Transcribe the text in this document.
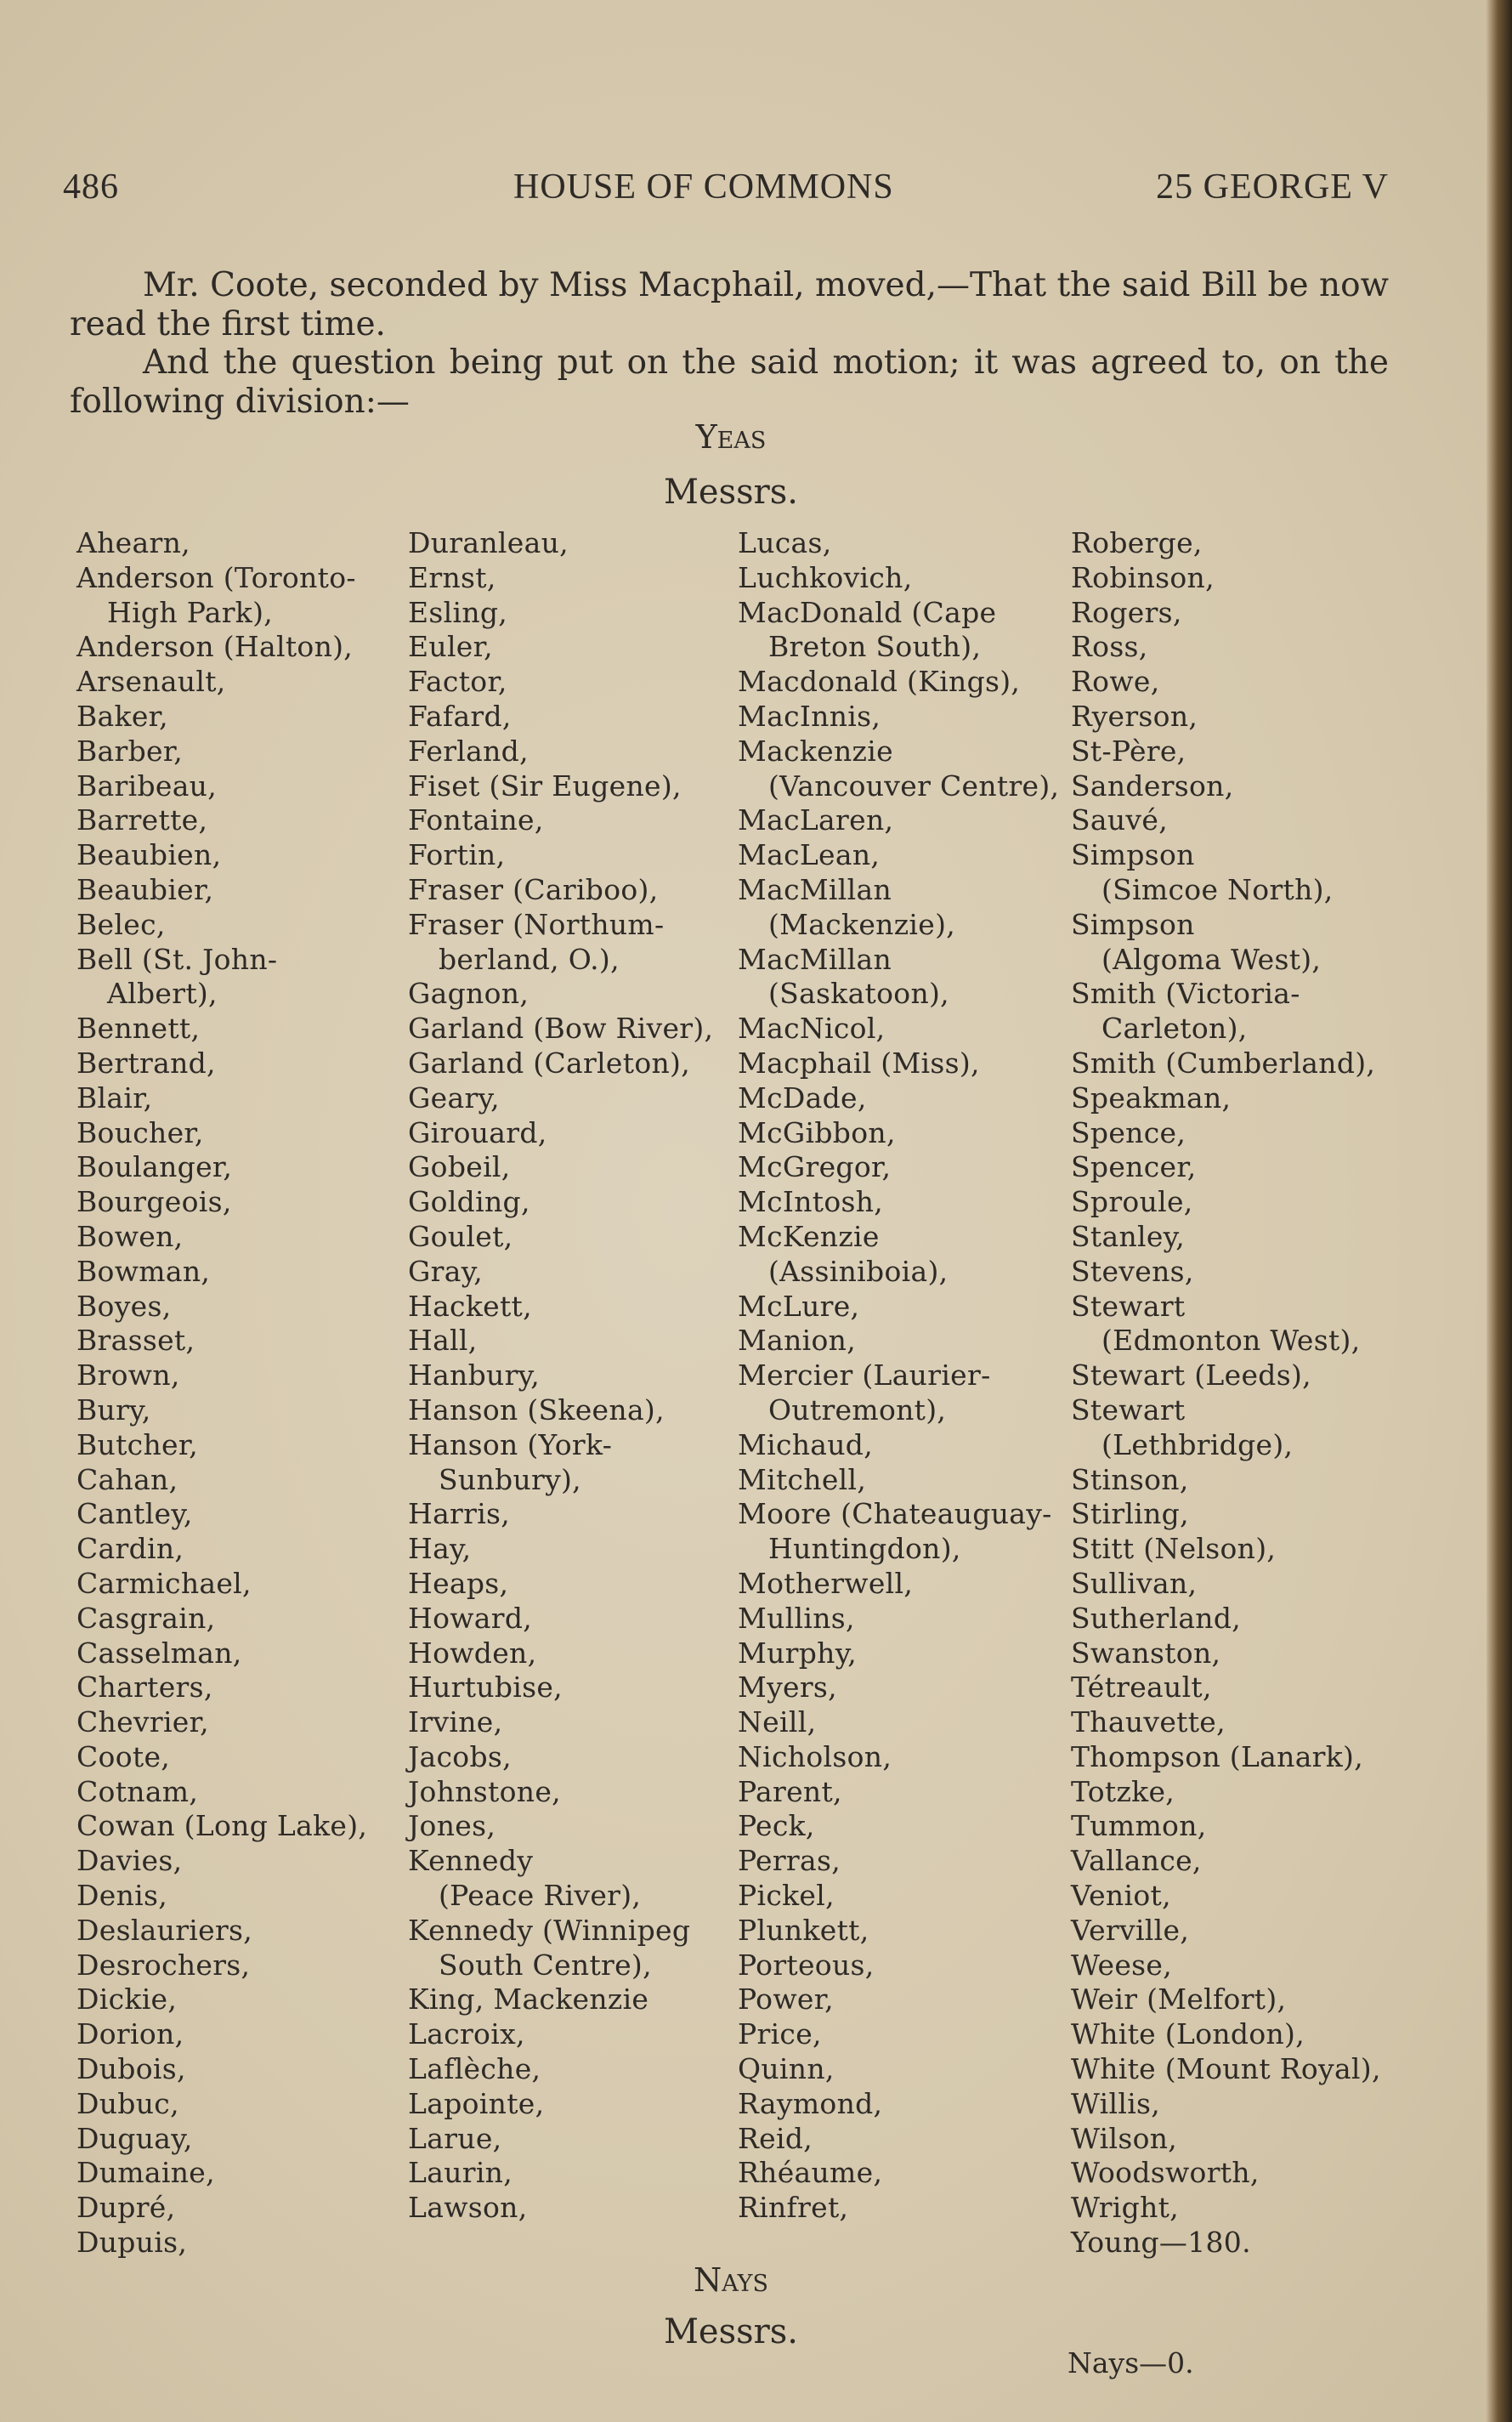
486	HOUSE OF COMMONS	25 GEORGE V
Mr. Coote, seconded by Miss Macphail, moved,—That the said Bill be now read the first time.
And the question being put on the said motion; it was agreed to, on the following division:—
Yeas
Messrs.
Ahearn,
Anderson (Toronto-
High Park),
Anderson (Halton),
Arsenault,
Baker,
Barber,
Baribeau,
Barrette,
Beaubien,
Beaubier,
Belec,
Bell (St. John-
Albert),
Bennett,
Bertrand,
Blair,
Boucher,
Boulanger,
Bourgeois,
Bowen,
Bowman,
Boyes,
Brasset,
Brown,
Bury,
Butcher,
Cahan,
Cantley,
Cardin,
Carmichael,
Casgrain,
Casselman,
Charters,
Chevrier,
Coote,
Cotnam,
Cowan (Long Lake),
Davies,
Denis,
Deslauriers,
Desrochers,
Dickie,
Dorion,
Dubois,
Dubuc,
Duguay,
Dumaine,
Dupré,
Dupuis,
Duranleau,
Ernst,
Esling,
Euler,
Factor,
Fafard,
Ferland,
Fiset (Sir Eugene),
Fontaine,
Fortin,
Fraser (Cariboo),
Fraser (Northum-
berland, O.),
Gagnon,
Garland (Bow River),
Garland (Carleton),
Geary,
Girouard,
Gobeil,
Golding,
Goulet,
Gray,
Hackett,
Hall,
Hanbury,
Hanson (Skeena),
Hanson (York-
Sunbury),
Harris,
Hay,
Heaps,
Howard,
Howden,
Hurtubise,
Irvine,
Jacobs,
Johnstone,
Jones,
Kennedy
(Peace River),
Kennedy (Winnipeg
South Centre),
King, Mackenzie
Lacroix,
Laflèche,
Lapointe,
Larue,
Laurin,
Lawson,
Lucas,
Luchkovich,
MacDonald (Cape
Breton South),
Macdonald (Kings),
MacInnis,
Mackenzie
(Vancouver Centre),
MacLaren,
MacLean,
MacMillan
(Mackenzie),
MacMillan
(Saskatoon),
MacNicol,
Macphail (Miss),
McDade,
McGibbon,
McGregor,
McIntosh,
McKenzie
(Assiniboia),
McLure,
Manion,
Mercier (Laurier-
Outremont),
Michaud,
Mitchell,
Moore (Chateauguay-
Huntingdon),
Motherwell,
Mullins,
Murphy,
Myers,
Neill,
Nicholson,
Parent,
Peck,
Perras,
Pickel,
Plunkett,
Porteous,
Power,
Price,
Quinn,
Raymond,
Reid,
Rhéaume,
Rinfret,
Roberge,
Robinson,
Rogers,
Ross,
Rowe,
Ryerson,
St-Père,
Sanderson,
Sauvé,
Simpson
(Simcoe North),
Simpson
(Algoma West),
Smith (Victoria-
Carleton),
Smith (Cumberland),
Speakman,
Spence,
Spencer,
Sproule,
Stanley,
Stevens,
Stewart
(Edmonton West),
Stewart (Leeds),
Stewart
(Lethbridge),
Stinson,
Stirling,
Stitt (Nelson),
Sullivan,
Sutherland,
Swanston,
Tétreault,
Thauvette,
Thompson (Lanark),
Totzke,
Tummon,
Vallance,
Veniot,
Verville,
Weese,
Weir (Melfort),
White (London),
White (Mount Royal),
Willis,
Wilson,
Woodsworth,
Wright,
Young—180.
Nays
Messrs.
Nays—0.
